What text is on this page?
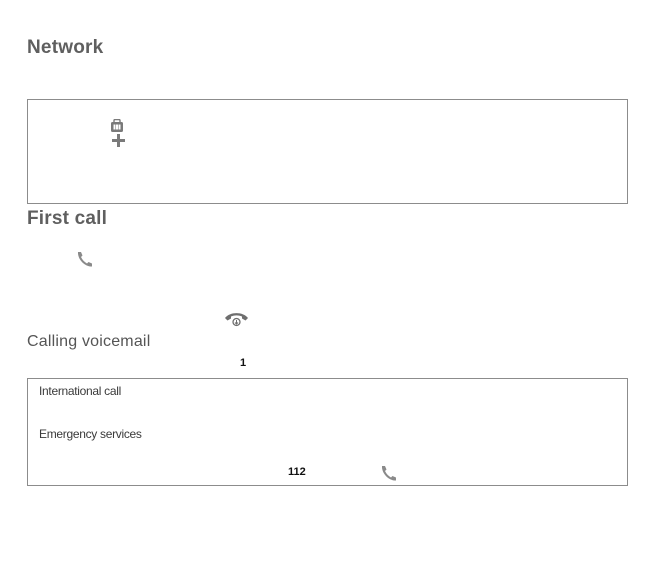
Network
First call
Calling voicemail
1
International call
Emergency services
112
